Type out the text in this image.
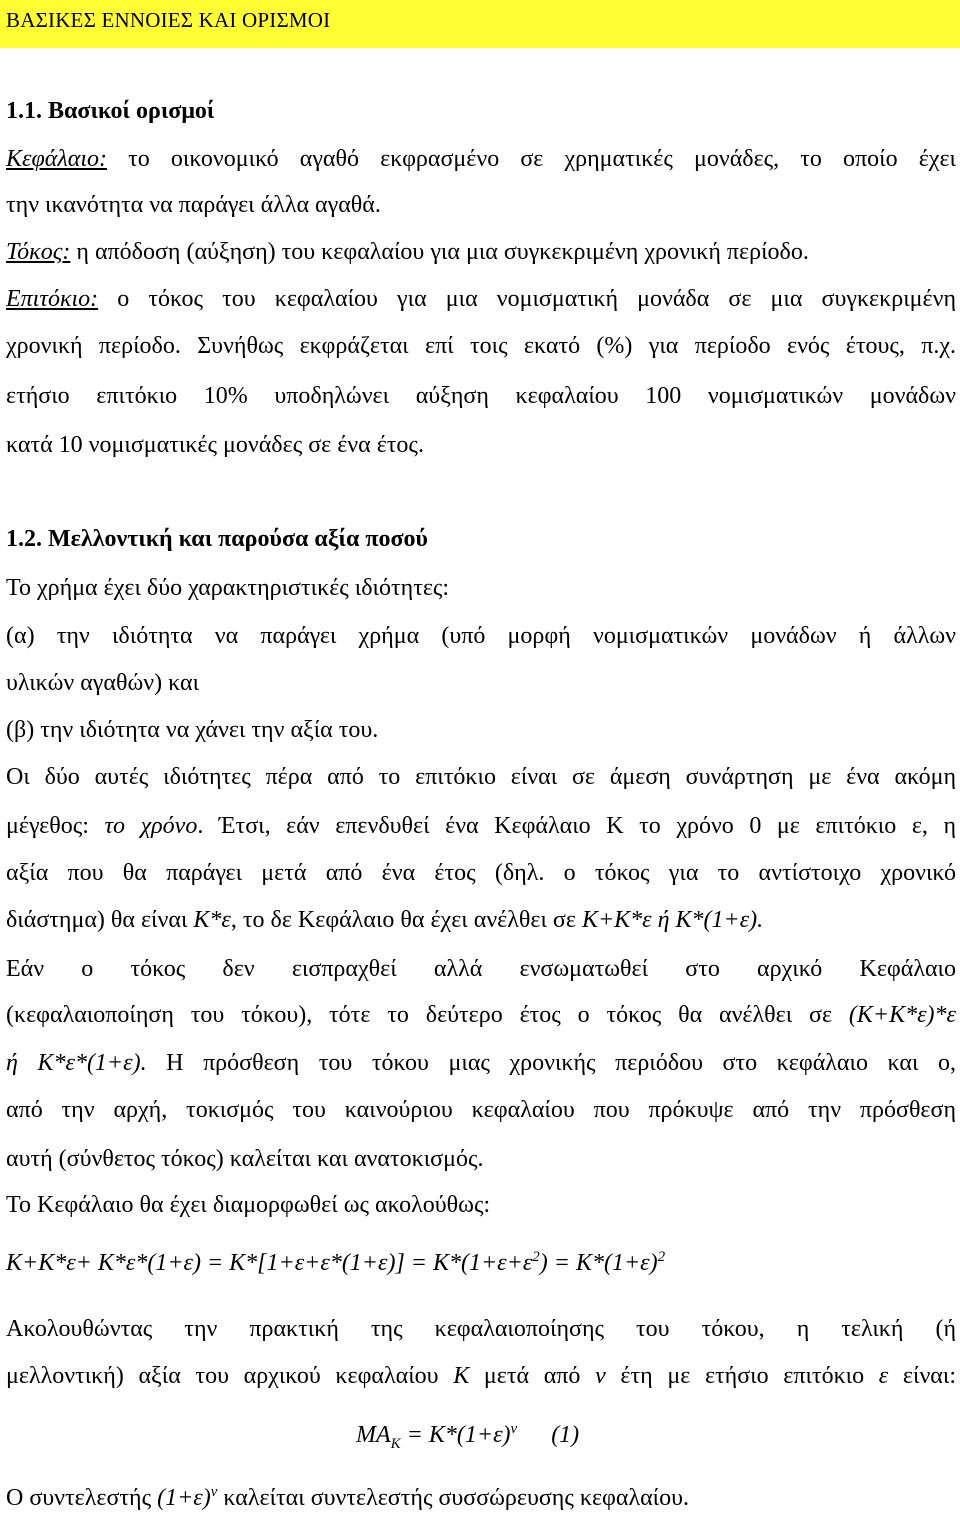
ΒΑΣΙΚΕΣ ΕΝΝΟΙΕΣ ΚΑΙ ΟΡΙΣΜΟΙ
1.1. Βασικοί ορισμοί
Κεφάλαιο: το οικονομικό αγαθό εκφρασμένο σε χρηματικές μονάδες, το οποίο έχει
την ικανότητα να παράγει άλλα αγαθά.
Τόκος: η απόδοση (αύξηση) του κεφαλαίου για μια συγκεκριμένη χρονική περίοδο.
Επιτόκιο: ο τόκος του κεφαλαίου για μια νομισματική μονάδα σε μια συγκεκριμένη
χρονική περίοδο. Συνήθως εκφράζεται επί τοις εκατό (%) για περίοδο ενός έτους, π.χ.
ετήσιο επιτόκιο 10% υποδηλώνει αύξηση κεφαλαίου 100 νομισματικών μονάδων
κατά 10 νομισματικές μονάδες σε ένα έτος.
1.2. Μελλοντική και παρούσα αξία ποσού
Το χρήμα έχει δύο χαρακτηριστικές ιδιότητες:
(α) την ιδιότητα να παράγει χρήμα (υπό μορφή νομισματικών μονάδων ή άλλων
υλικών αγαθών) και
(β) την ιδιότητα να χάνει την αξία του.
Οι δύο αυτές ιδιότητες πέρα από το επιτόκιο είναι σε άμεση συνάρτηση με ένα ακόμη
μέγεθος: το χρόνο. Έτσι, εάν επενδυθεί ένα Κεφάλαιο Κ το χρόνο 0 με επιτόκιο ε, η
αξία που θα παράγει μετά από ένα έτος (δηλ. ο τόκος για το αντίστοιχο χρονικό
διάστημα) θα είναι Κ*ε, το δε Κεφάλαιο θα έχει ανέλθει σε Κ+Κ*ε ή Κ*(1+ε).
Εάν ο τόκος δεν εισπραχθεί αλλά ενσωματωθεί στο αρχικό Κεφάλαιο
(κεφαλαιοποίηση του τόκου), τότε το δεύτερο έτος ο τόκος θα ανέλθει σε (Κ+Κ*ε)*ε
ή Κ*ε*(1+ε). Η πρόσθεση του τόκου μιας χρονικής περιόδου στο κεφάλαιο και ο,
από την αρχή, τοκισμός του καινούριου κεφαλαίου που πρόκυψε από την πρόσθεση
αυτή (σύνθετος τόκος) καλείται και ανατοκισμός.
Το Κεφάλαιο θα έχει διαμορφωθεί ως ακολούθως:
$K+K*\varepsilon+ K*\varepsilon*(1+\varepsilon) = K*[1+\varepsilon+\varepsilon*(1+\varepsilon)] = K*(1+\varepsilon+\varepsilon^2) = K*(1+\varepsilon)^2$
Ακολουθώντας την πρακτική της κεφαλαιοποίησης του τόκου, η τελική (ή
μελλοντική) αξία του αρχικού κεφαλαίου Κ μετά από ν έτη με ετήσιο επιτόκιο ε είναι:
$MA_K = K*(1+\varepsilon)^\nu$ (1)
Ο συντελεστής $(1+\varepsilon)^\nu$ καλείται συντελεστής συσσώρευσης κεφαλαίου.
